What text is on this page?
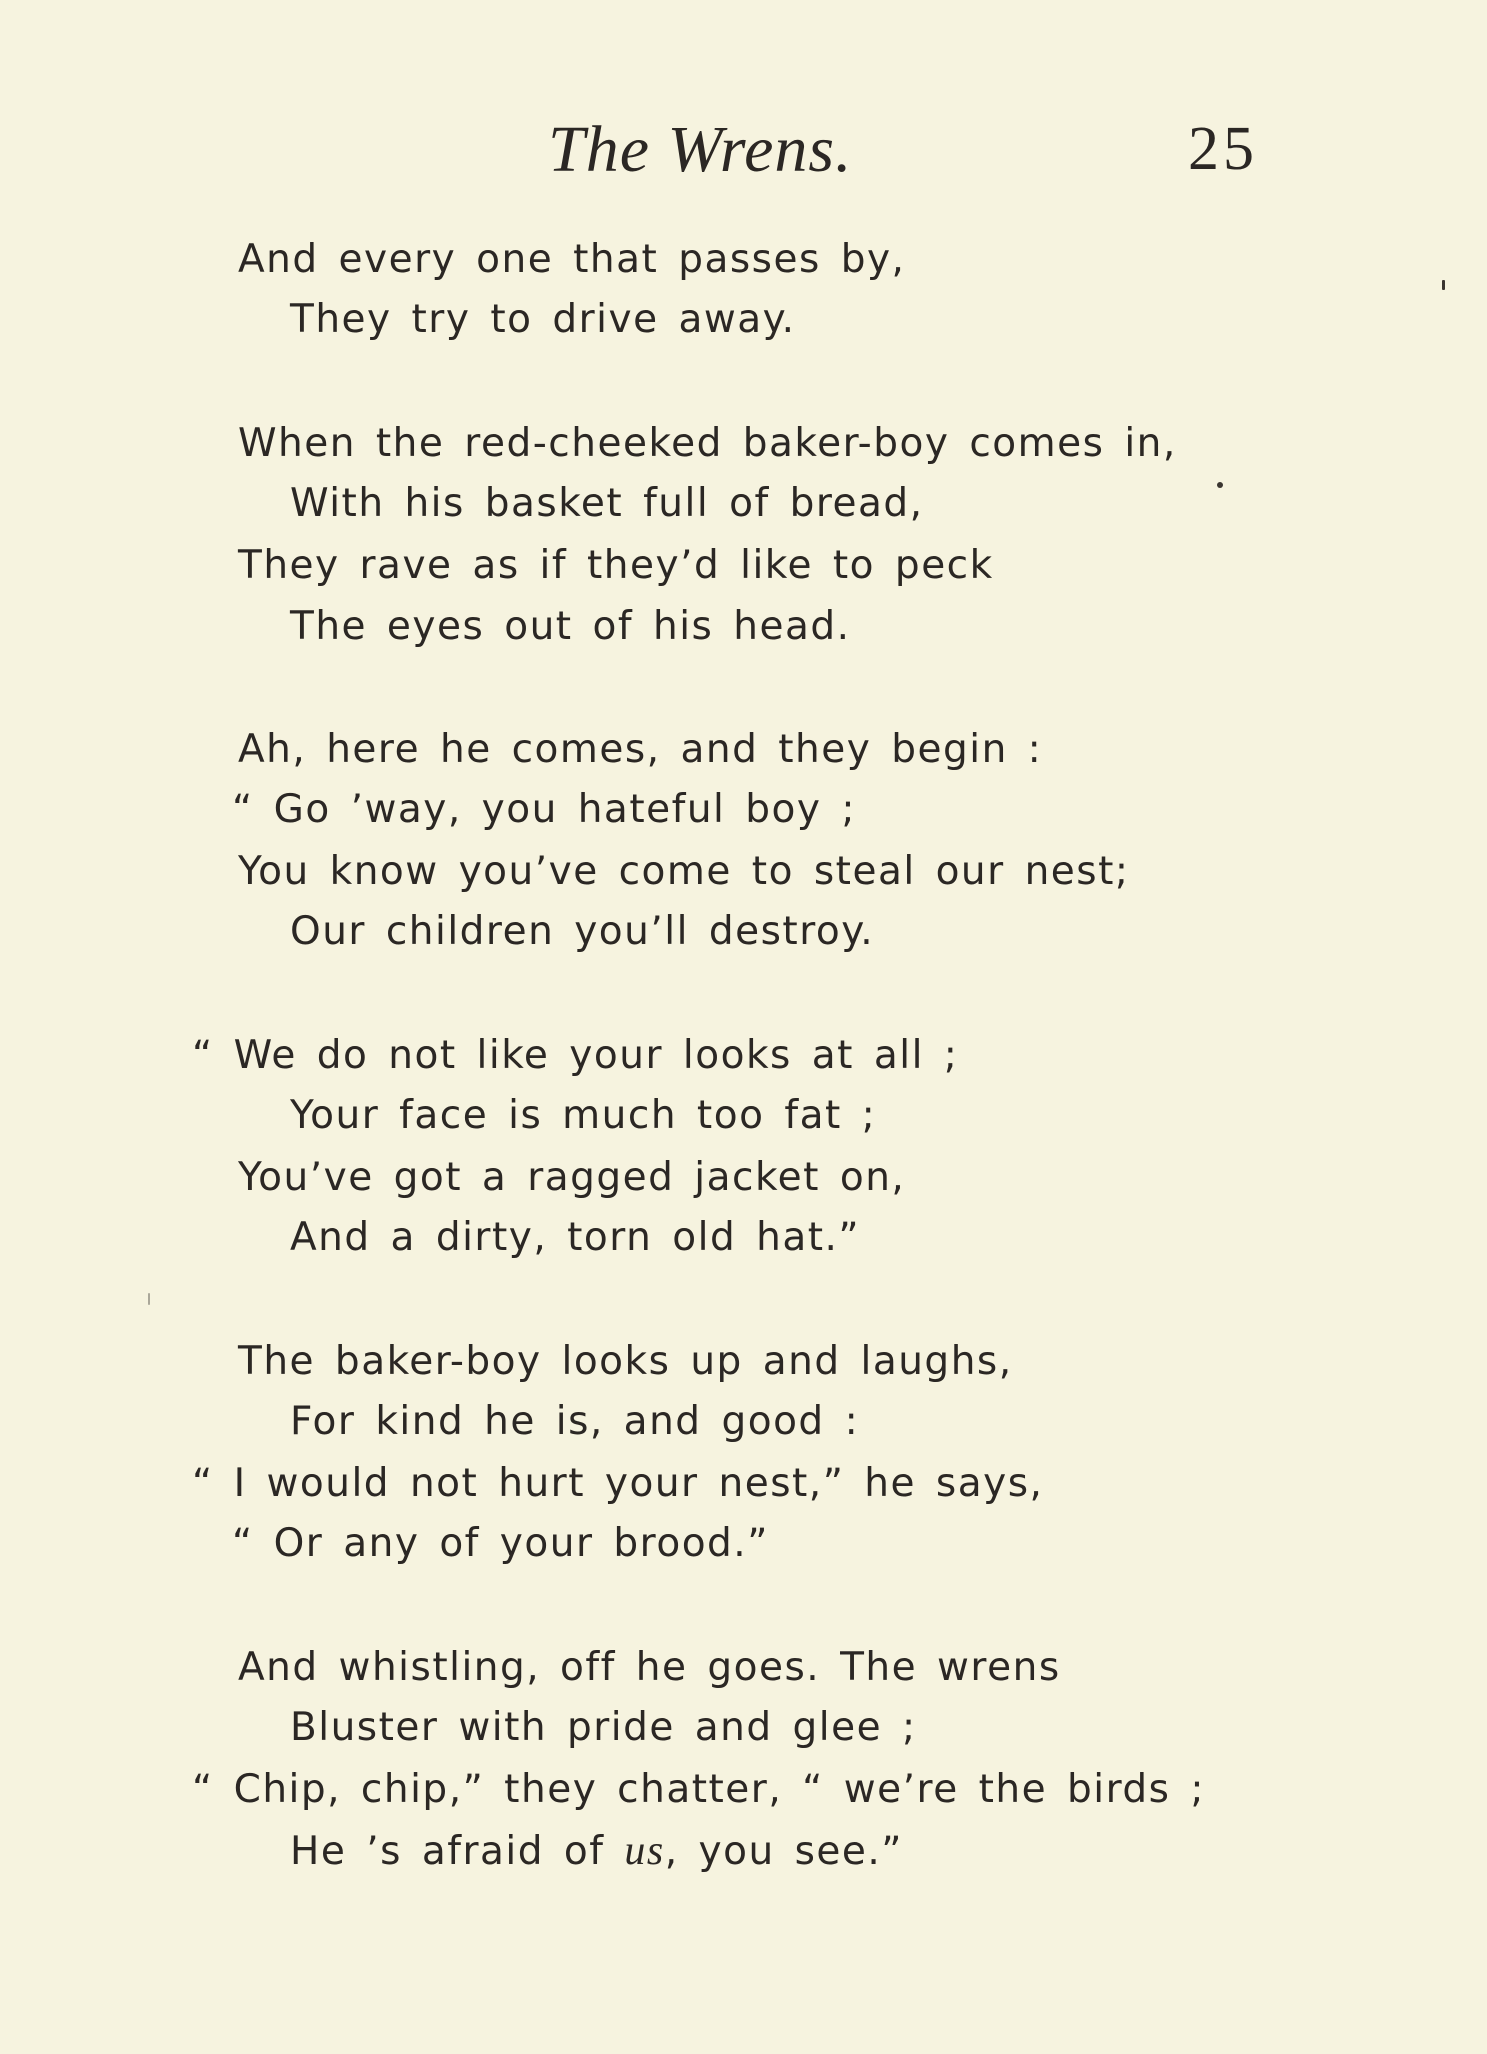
The Wrens.	25
And every one that passes by,
They try to drive away.
When the red-cheeked baker-boy comes in,
With his basket full of bread,
They rave as if they’d like to peck
The eyes out of his head.
Ah, here he comes, and they begin :
“ Go ’way, you hateful boy ;
You know you’ve come to steal our nest;
Our children you’ll destroy.
“ We do not like your looks at all ;
Your face is much too fat ;
You’ve got a ragged jacket on,
And a dirty, torn old hat.”
The baker-boy looks up and laughs,
For kind he is, and good :
“ I would not hurt your nest,” he says,
“ Or any of your brood.”
And whistling, off he goes. The wrens
Bluster with pride and glee ;
“ Chip, chip,” they chatter, “ we’re the birds ;
He ’s afraid of us, you see.”
